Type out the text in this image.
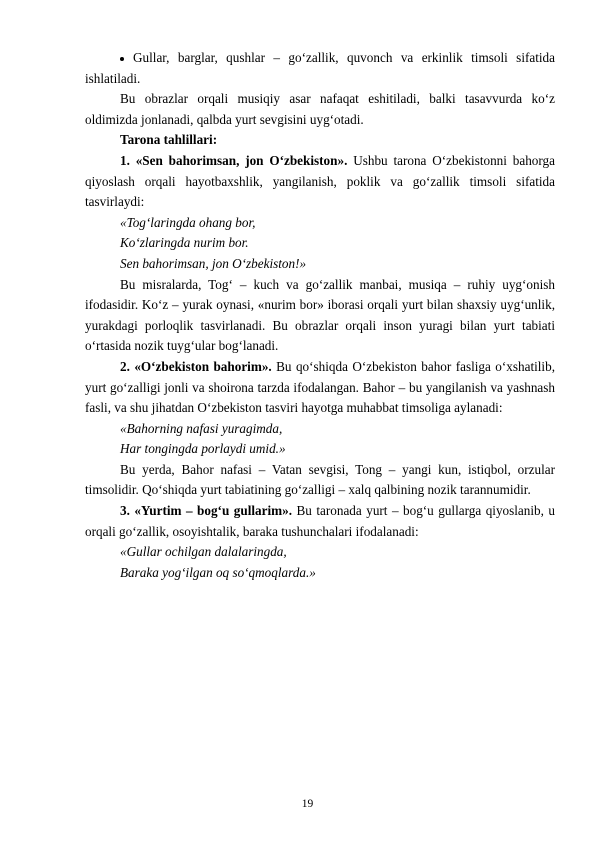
Gullar, barglar, qushlar – go‘zallik, quvonch va erkinlik timsoli sifatida ishlatiladi.

Bu obrazlar orqali musiqiy asar nafaqat eshitiladi, balki tasavvurda ko‘z oldimizda jonlanadi, qalbda yurt sevgisini uyg‘otadi.

Tarona tahlillari:

1. «Sen bahorimsan, jon O‘zbekiston». Ushbu tarona O‘zbekistonni bahorga qiyoslash orqali hayotbaxshlik, yangilanish, poklik va go‘zallik timsoli sifatida tasvirlaydi:

«Tog‘laringda ohang bor,

Ko‘zlaringda nurim bor.

Sen bahorimsan, jon O‘zbekiston!»

Bu misralarda, Tog‘ – kuch va go‘zallik manbai, musiqa – ruhiy uyg‘onish ifodasidir. Ko‘z – yurak oynasi, «nurim bor» iborasi orqali yurt bilan shaxsiy uyg‘unlik, yurakdagi porloqlik tasvirlanadi. Bu obrazlar orqali inson yuragi bilan yurt tabiati o‘rtasida nozik tuyg‘ular bog‘lanadi.

2. «O‘zbekiston bahorim». Bu qo‘shiqda O‘zbekiston bahor fasliga o‘xshatilib, yurt go‘zalligi jonli va shoirona tarzda ifodalangan. Bahor – bu yangilanish va yashnash fasli, va shu jihatdan O‘zbekiston tasviri hayotga muhabbat timsoliga aylanadi:

«Bahorning nafasi yuragimda,

Har tongingda porlaydi umid.»

Bu yerda, Bahor nafasi – Vatan sevgisi, Tong – yangi kun, istiqbol, orzular timsolidir. Qo‘shiqda yurt tabiatining go‘zalligi – xalq qalbining nozik tarannumidir.

3. «Yurtim – bog‘u gullarim». Bu taronada yurt – bog‘u gullarga qiyoslanib, u orqali go‘zallik, osoyishtalik, baraka tushunchalari ifodalanadi:

«Gullar ochilgan dalalaringda,

Baraka yog‘ilgan oq so‘qmoqlarda.»

19
